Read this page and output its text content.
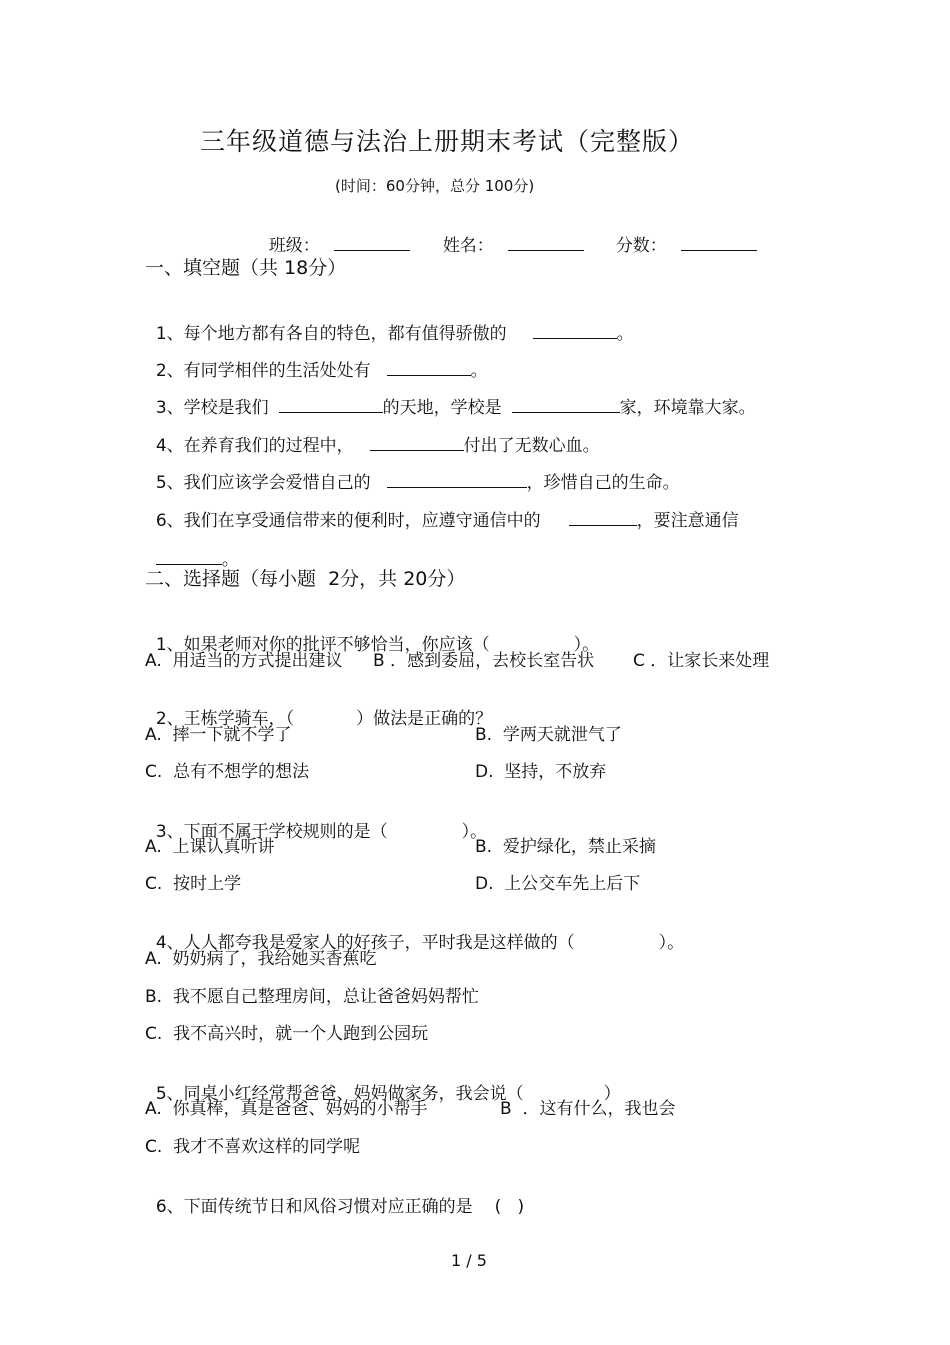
三年级道德与法治上册期末考试（完整版）
(时间：60分钟，总分 100分)

班级：	姓名：	分数：

一、填空题（共 18分）

1、每个地方都有各自的特色，都有值得骄傲的	。

2、有同学相伴的生活处处有	。

3、学校是我们	的天地，学校是	家，环境靠大家。

4、在养育我们的过程中，	付出了无数心血。

5、我们应该学会爱惜自己的	，珍惜自己的生命。

6、我们在享受通信带来的便利时，应遵守通信中的	，要注意通信

。

二、选择题（每小题  2分，共 20分）

1、如果老师对你的批评不够恰当，你应该（	）。

A.  用适当的方式提出建议 B ．感到委屈，去校长室告状 C ．让家长来处理

2、王栋学骑车，（	）做法是正确的？

A.  摔一下就不学了	B.  学两天就泄气了
C.  总有不想学的想法	D.  坚持，不放弃

3、下面不属于学校规则的是（	）。

A.  上课认真听讲	B.  爱护绿化，禁止采摘
C.  按时上学	D.  上公交车先上后下

4、人人都夸我是爱家人的好孩子，平时我是这样做的（	）。

A.  奶奶病了，我给她买香蕉吃
B.  我不愿自己整理房间，总让爸爸妈妈帮忙
C.  我不高兴时，就一个人跑到公园玩

5、同桌小红经常帮爸爸、妈妈做家务，我会说（	）

A.  你真棒，真是爸爸、妈妈的小帮手	B  ．这有什么，我也会
C.  我才不喜欢这样的同学呢

6、下面传统节日和风俗习惯对应正确的是 (   )

1 / 5
